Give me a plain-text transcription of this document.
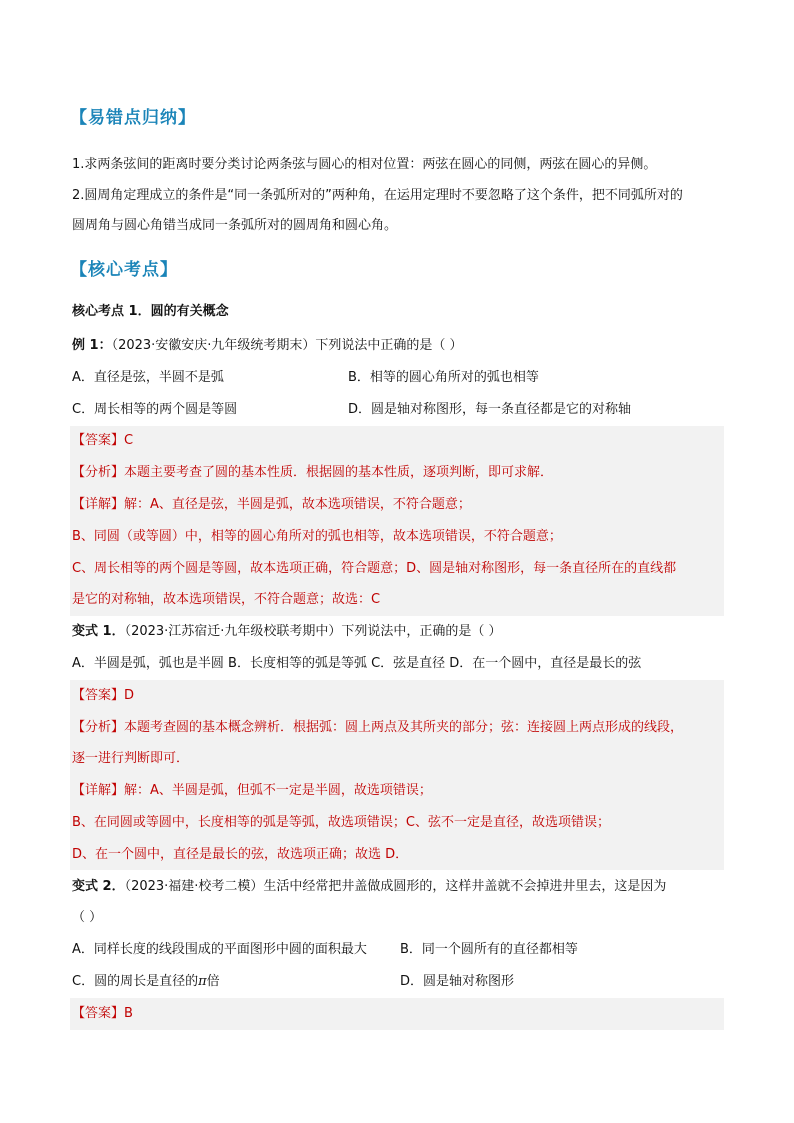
【易错点归纳】
1.求两条弦间的距离时要分类讨论两条弦与圆心的相对位置：两弦在圆心的同侧，两弦在圆心的异侧。
2.圆周角定理成立的条件是“同一条弧所对的”两种角，在运用定理时不要忽略了这个条件，把不同弧所对的
圆周角与圆心角错当成同一条弧所对的圆周角和圆心角。
【核心考点】
核心考点 1．圆的有关概念
例 1：（2023·安徽安庆·九年级统考期末）下列说法中正确的是（ ）
A．直径是弦，半圆不是弧	B．相等的圆心角所对的弧也相等
C．周长相等的两个圆是等圆	D．圆是轴对称图形，每一条直径都是它的对称轴
【答案】C
【分析】本题主要考查了圆的基本性质．根据圆的基本性质，逐项判断，即可求解．
【详解】解：A、直径是弦，半圆是弧，故本选项错误，不符合题意；
B、同圆（或等圆）中，相等的圆心角所对的弧也相等，故本选项错误，不符合题意；
C、周长相等的两个圆是等圆，故本选项正确，符合题意；D、圆是轴对称图形，每一条直径所在的直线都
是它的对称轴，故本选项错误，不符合题意；故选：C
变式 1．（2023·江苏宿迁·九年级校联考期中）下列说法中，正确的是（ ）
A．半圆是弧，弧也是半圆 B．长度相等的弧是等弧 C．弦是直径 D．在一个圆中，直径是最长的弦
【答案】D
【分析】本题考查圆的基本概念辨析．根据弧：圆上两点及其所夹的部分；弦：连接圆上两点形成的线段，
逐一进行判断即可．
【详解】解：A、半圆是弧，但弧不一定是半圆，故选项错误；
B、在同圆或等圆中，长度相等的弧是等弧，故选项错误；C、弦不一定是直径，故选项错误；
D、在一个圆中，直径是最长的弦，故选项正确；故选 D．
变式 2．（2023·福建·校考二模）生活中经常把井盖做成圆形的，这样井盖就不会掉进井里去，这是因为
（ ）
A．同样长度的线段围成的平面图形中圆的面积最大	B．同一个圆所有的直径都相等
C．圆的周长是直径的π倍	D．圆是轴对称图形
【答案】B
